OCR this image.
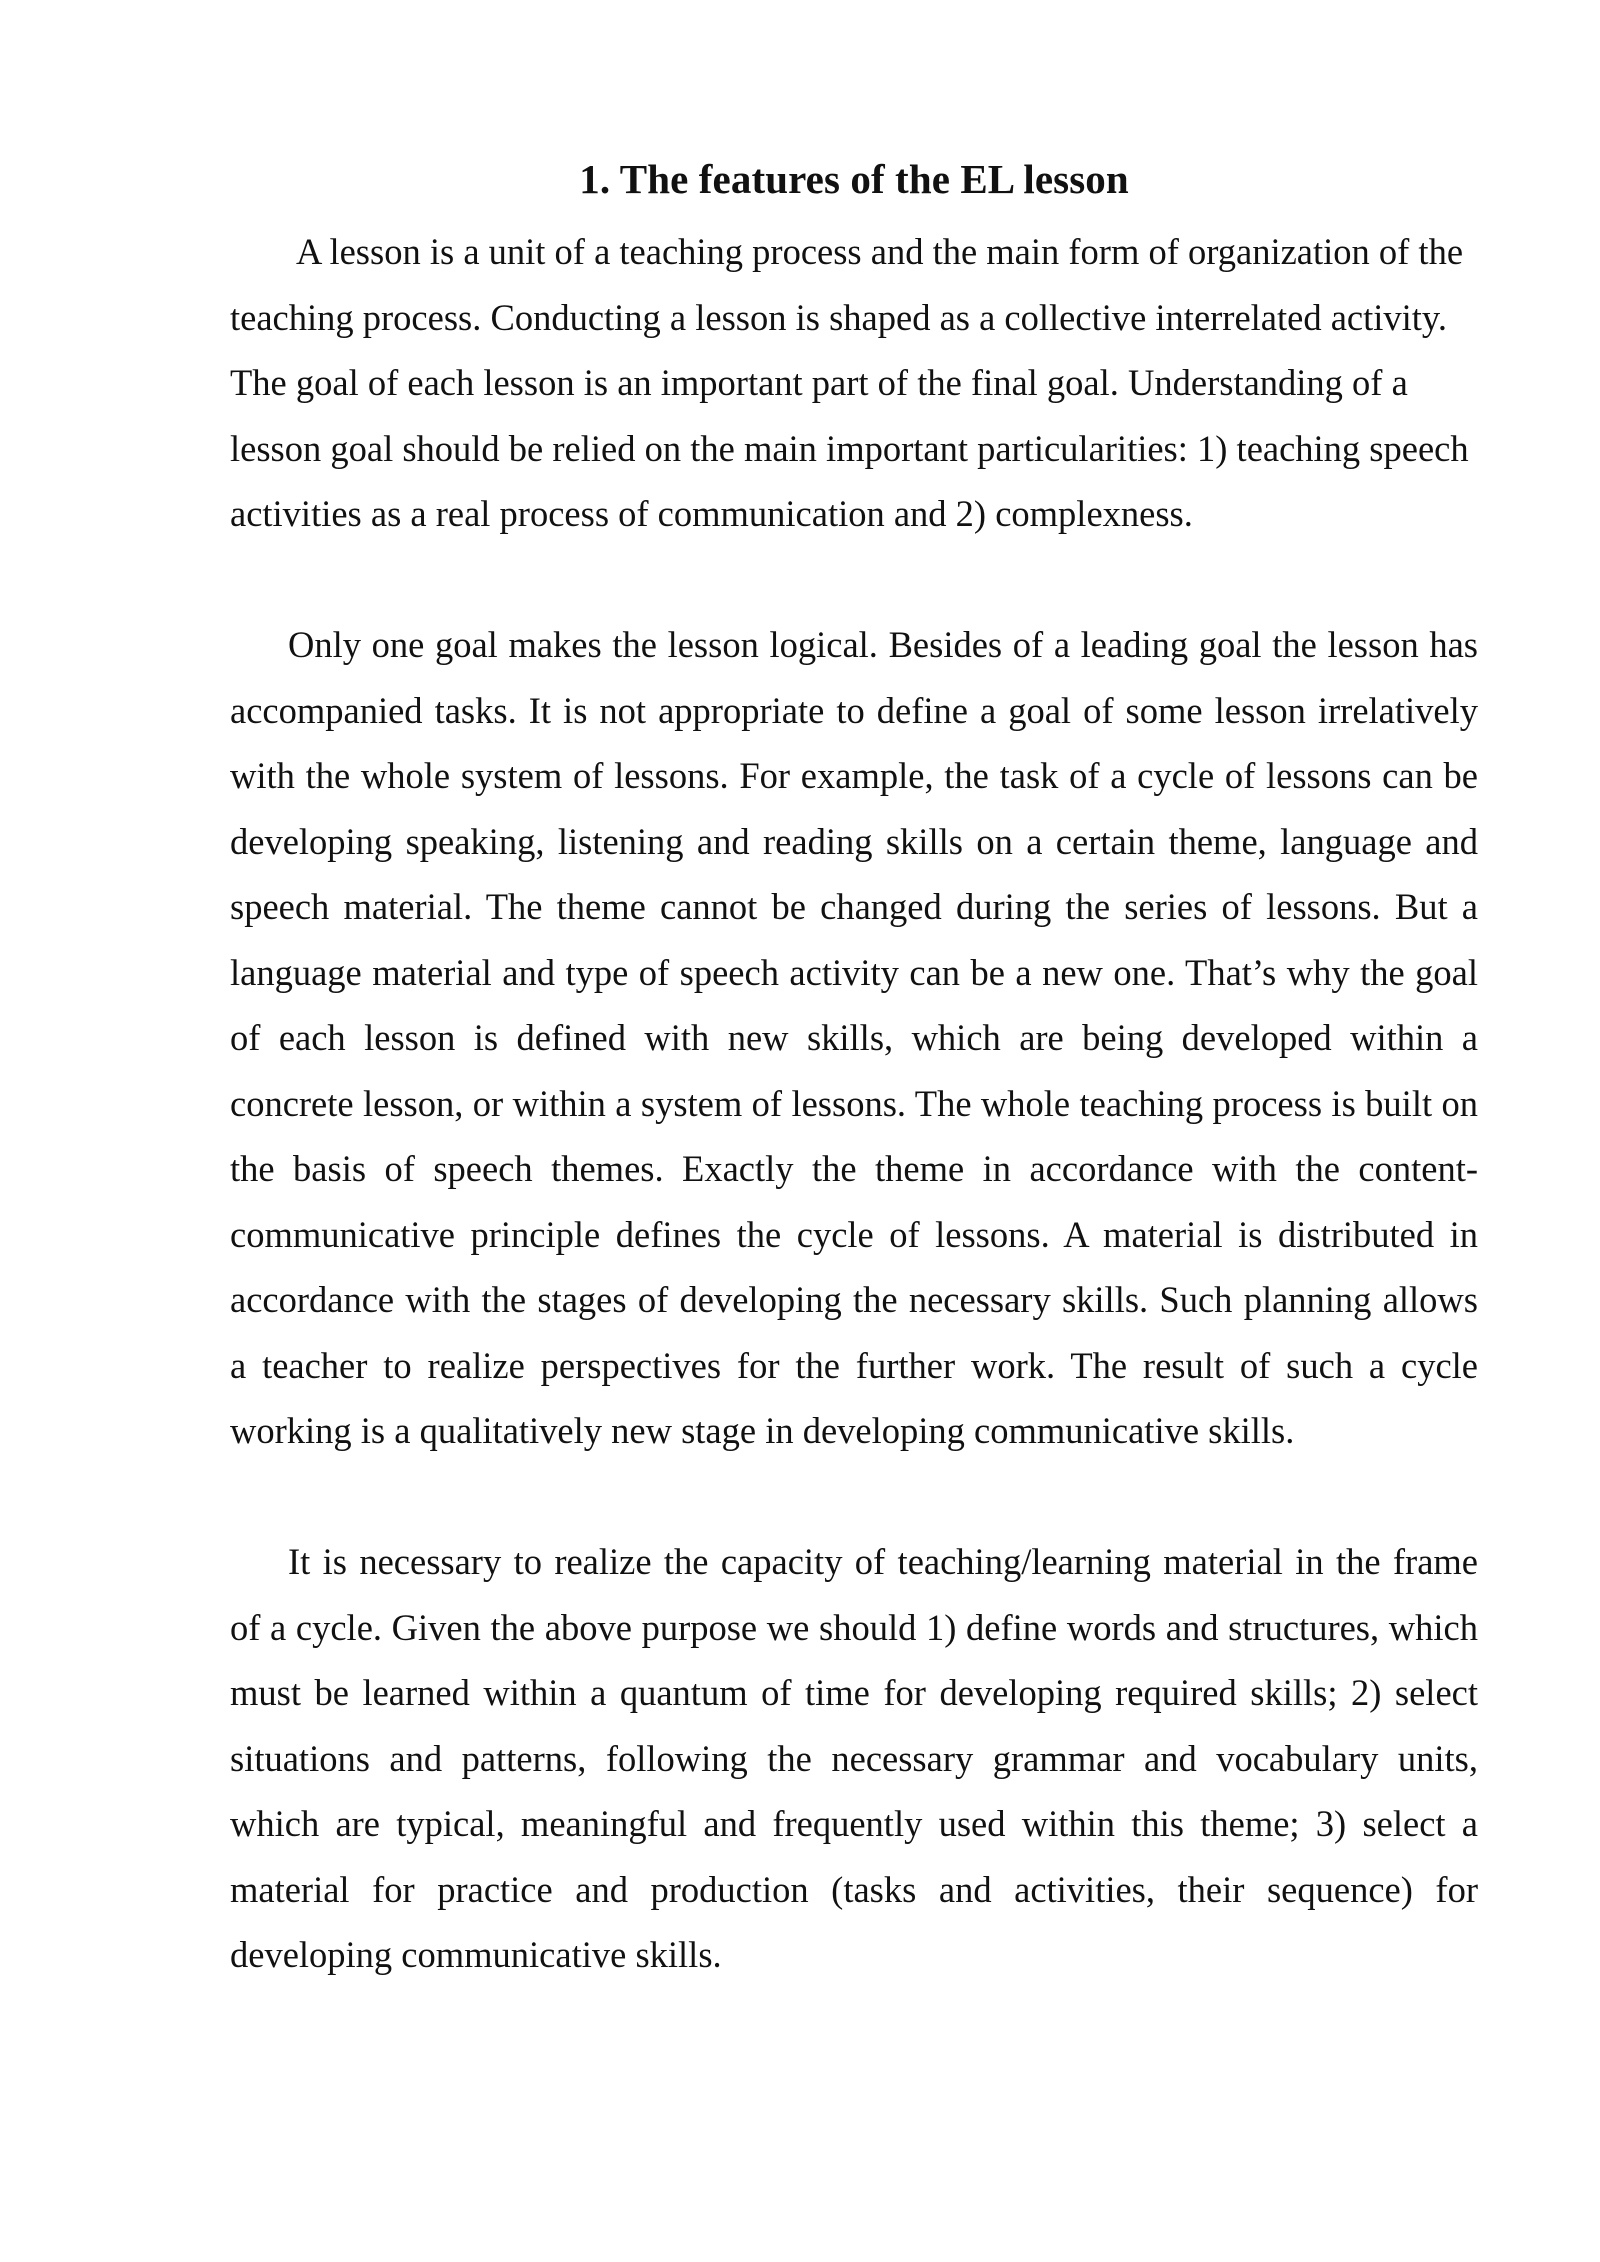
1. The features of the EL lesson

A lesson is a unit of a teaching process and the main form of organization of the teaching process. Conducting a lesson is shaped as a collective interrelated activity. The goal of each lesson is an important part of the final goal. Understanding of a lesson goal should be relied on the main important particularities: 1) teaching speech activities as a real process of communication and 2) complexness.

Only one goal makes the lesson logical. Besides of a leading goal the lesson has accompanied tasks. It is not appropriate to define a goal of some lesson irrelatively with the whole system of lessons. For example, the task of a cycle of lessons can be developing speaking, listening and reading skills on a certain theme, language and speech material. The theme cannot be changed during the series of lessons. But a language material and type of speech activity can be a new one. That’s why the goal of each lesson is defined with new skills, which are being developed within a concrete lesson, or within a system of lessons. The whole teaching process is built on the basis of speech themes. Exactly the theme in accordance with the content-communicative principle defines the cycle of lessons. A material is distributed in accordance with the stages of developing the necessary skills. Such planning allows a teacher to realize perspectives for the further work. The result of such a cycle working is a qualitatively new stage in developing communicative skills.

It is necessary to realize the capacity of teaching/learning material in the frame of a cycle. Given the above purpose we should 1) define words and structures, which must be learned within a quantum of time for developing required skills; 2) select situations and patterns, following the necessary grammar and vocabulary units, which are typical, meaningful and frequently used within this theme; 3) select a material for practice and production (tasks and activities, their sequence) for developing communicative skills.
